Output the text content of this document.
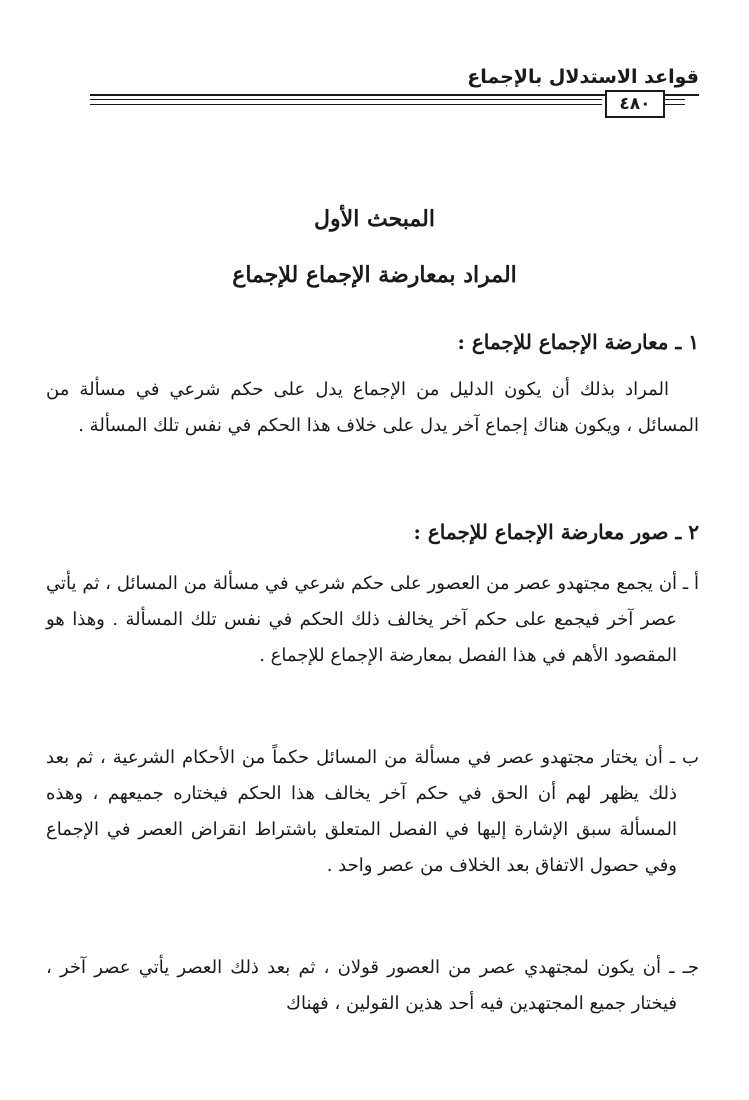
قواعد الاستدلال بالإجماع
٤٨٠
المبحث الأول
المراد بمعارضة الإجماع للإجماع
١ ـ معارضة الإجماع للإجماع :
المراد بذلك أن يكون الدليل من الإجماع يدل على حكم شرعي في مسألة من المسائل ، ويكون هناك إجماع آخر يدل على خلاف هذا الحكم في نفس تلك المسألة .
٢ ـ صور معارضة الإجماع للإجماع :
أ ـ أن يجمع مجتهدو عصر من العصور على حكم شرعي في مسألة من المسائل ، ثم يأتي عصر آخر فيجمع على حكم آخر يخالف ذلك الحكم في نفس تلك المسألة . وهذا هو المقصود الأهم في هذا الفصل بمعارضة الإجماع للإجماع .
ب ـ أن يختار مجتهدو عصر في مسألة من المسائل حكماً من الأحكام الشرعية ، ثم بعد ذلك يظهر لهم أن الحق في حكم آخر يخالف هذا الحكم فيختاره جميعهم ، وهذه المسألة سبق الإشارة إليها في الفصل المتعلق باشتراط انقراض العصر في الإجماع وفي حصول الاتفاق بعد الخلاف من عصر واحد .
جـ ـ أن يكون لمجتهدي عصر من العصور قولان ، ثم بعد ذلك العصر يأتي عصر آخر ، فيختار جميع المجتهدين فيه أحد هذين القولين ، فهناك
